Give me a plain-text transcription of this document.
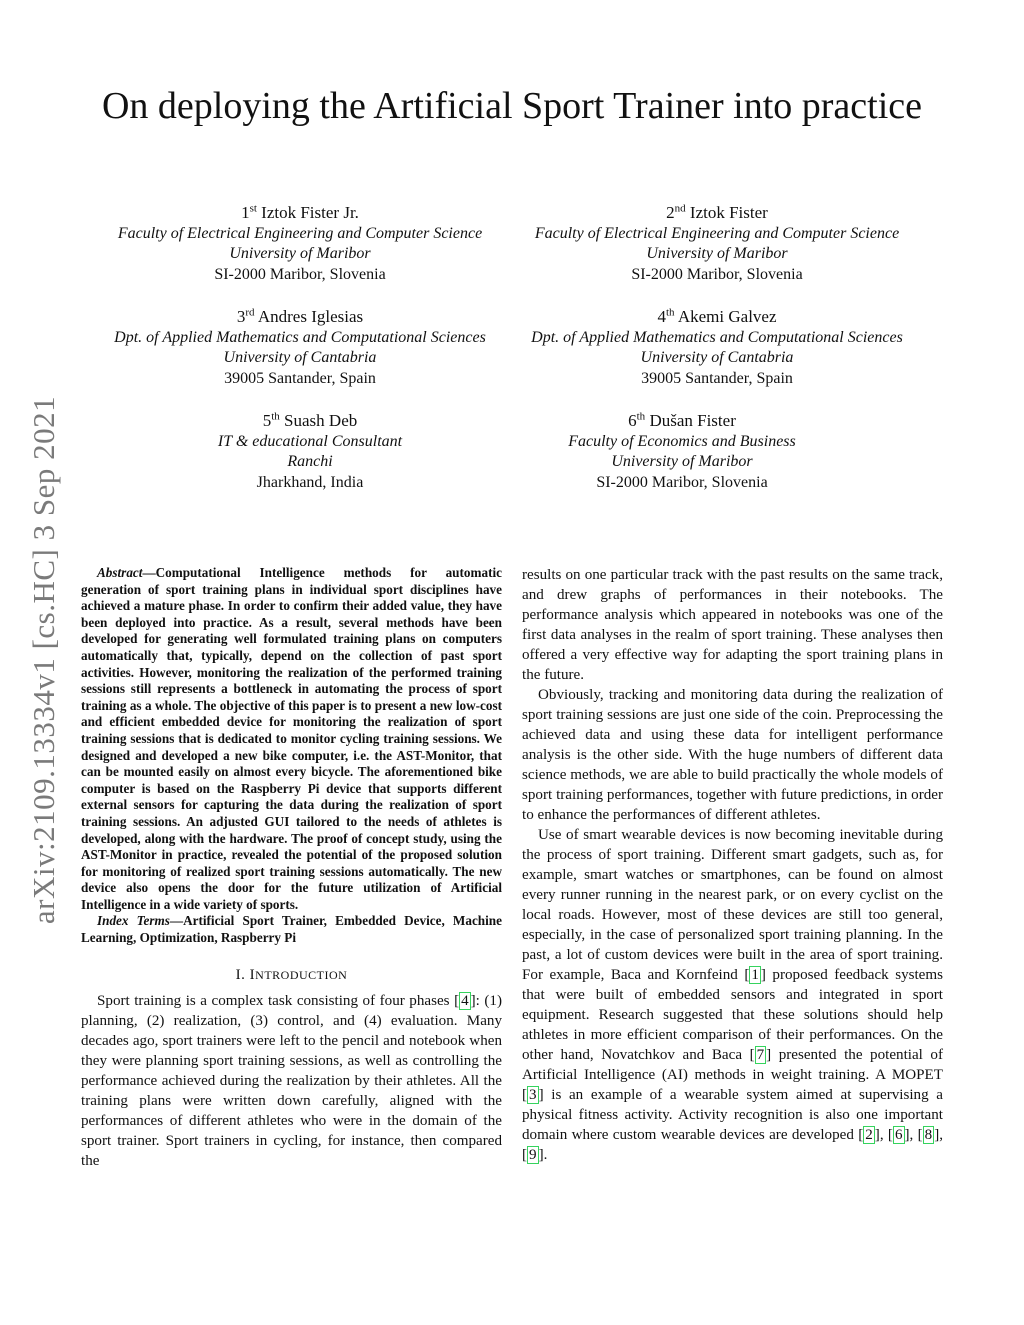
arXiv:2109.13334v1 [cs.HC] 3 Sep 2021
On deploying the Artificial Sport Trainer into practice
1st Iztok Fister Jr.
Faculty of Electrical Engineering and Computer Science
University of Maribor
SI-2000 Maribor, Slovenia
2nd Iztok Fister
Faculty of Electrical Engineering and Computer Science
University of Maribor
SI-2000 Maribor, Slovenia
3rd Andres Iglesias
Dpt. of Applied Mathematics and Computational Sciences
University of Cantabria
39005 Santander, Spain
4th Akemi Galvez
Dpt. of Applied Mathematics and Computational Sciences
University of Cantabria
39005 Santander, Spain
5th Suash Deb
IT & educational Consultant
Ranchi
Jharkhand, India
6th Dušan Fister
Faculty of Economics and Business
University of Maribor
SI-2000 Maribor, Slovenia

Abstract—Computational Intelligence methods for automatic generation of sport training plans in individual sport disciplines have achieved a mature phase. In order to confirm their added value, they have been deployed into practice. As a result, several methods have been developed for generating well formulated training plans on computers automatically that, typically, depend on the collection of past sport activities. However, monitoring the realization of the performed training sessions still represents a bottleneck in automating the process of sport training as a whole. The objective of this paper is to present a new low-cost and efficient embedded device for monitoring the realization of sport training sessions that is dedicated to monitor cycling training sessions. We designed and developed a new bike computer, i.e. the AST-Monitor, that can be mounted easily on almost every bicycle. The aforementioned bike computer is based on the Raspberry Pi device that supports different external sensors for capturing the data during the realization of sport training sessions. An adjusted GUI tailored to the needs of athletes is developed, along with the hardware. The proof of concept study, using the AST-Monitor in practice, revealed the potential of the proposed solution for monitoring of realized sport training sessions automatically. The new device also opens the door for the future utilization of Artificial Intelligence in a wide variety of sports.

Index Terms—Artificial Sport Trainer, Embedded Device, Machine Learning, Optimization, Raspberry Pi

I. INTRODUCTION

Sport training is a complex task consisting of four phases [ 4 ]: (1) planning, (2) realization, (3) control, and (4) evaluation. Many decades ago, sport trainers were left to the pencil and notebook when they were planning sport training sessions, as well as controlling the performance achieved during the realization by their athletes. All the training plans were written down carefully, aligned with the performances of different athletes who were in the domain of the sport trainer. Sport trainers in cycling, for instance, then compared the

results on one particular track with the past results on the same track, and drew graphs of performances in their notebooks. The performance analysis which appeared in notebooks was one of the first data analyses in the realm of sport training. These analyses then offered a very effective way for adapting the sport training plans in the future.

Obviously, tracking and monitoring data during the realization of sport training sessions are just one side of the coin. Preprocessing the achieved data and using these data for intelligent performance analysis is the other side. With the huge numbers of different data science methods, we are able to build practically the whole models of sport training performances, together with future predictions, in order to enhance the performances of different athletes.

Use of smart wearable devices is now becoming inevitable during the process of sport training. Different smart gadgets, such as, for example, smart watches or smartphones, can be found on almost every runner running in the nearest park, or on every cyclist on the local roads. However, most of these devices are still too general, especially, in the case of personalized sport training planning. In the past, a lot of custom devices were built in the area of sport training. For example, Baca and Kornfeind [ 1 ] proposed feedback systems that were built of embedded sensors and integrated in sport equipment. Research suggested that these solutions should help athletes in more efficient comparison of their performances. On the other hand, Novatchkov and Baca [ 7 ] presented the potential of Artificial Intelligence (AI) methods in weight training. A MOPET [ 3 ] is an example of a wearable system aimed at supervising a physical fitness activity. Activity recognition is also one important domain where custom wearable devices are developed [ 2 ], [ 6 ], [ 8 ], [ 9 ].
